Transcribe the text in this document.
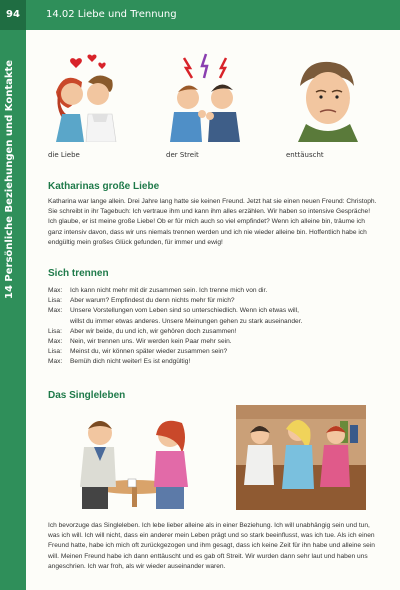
94	14.02 Liebe und Trennung
14 Persönliche Beziehungen und Kontakte	die Liebe	der Streit	enttäuscht
Katharinas große Liebe
Katharina war lange allein. Drei Jahre lang hatte sie keinen Freund. Jetzt hat sie einen neuen Freund: Christoph. Sie schreibt in ihr Tagebuch: Ich vertraue ihm und kann ihm alles erzählen. Wir haben so intensive Gespräche! Ich glaube, er ist meine große Liebe! Ob er für mich auch so viel empfindet? Wenn ich alleine bin, träume ich ganz intensiv davon, dass wir uns niemals trennen werden und ich nie wieder alleine bin. Hoffentlich habe ich endgültig mein großes Glück gefunden, für immer und ewig!
Sich trennen
Max:	Ich kann nicht mehr mit dir zusammen sein. Ich trenne mich von dir.
Lisa:	Aber warum? Empfindest du denn nichts mehr für mich?
Max:	Unsere Vorstellungen vom Leben sind so unterschiedlich. Wenn ich etwas will,
willst du immer etwas anderes. Unsere Meinungen gehen zu stark auseinander.
Lisa:	Aber wir beide, du und ich, wir gehören doch zusammen!
Max:	Nein, wir trennen uns. Wir werden kein Paar mehr sein.
Lisa:	Meinst du, wir können später wieder zusammen sein?
Max:	Bemüh dich nicht weiter! Es ist endgültig!
Das Singleleben
Ich bevorzuge das Singleleben. Ich lebe lieber alleine als in einer Beziehung. Ich will unabhängig sein und tun, was ich will. Ich will nicht, dass ein anderer mein Leben prägt und so stark beeinflusst, was ich tue. Als ich einen Freund hatte, habe ich mich oft zurückgezogen und ihm gesagt, dass ich keine Zeit für ihn habe und alleine sein will. Meinen Freund habe ich dann enttäuscht und es gab oft Streit. Wir wurden dann sehr laut und haben uns angeschrien. Ich war froh, als wir wieder auseinander waren.
